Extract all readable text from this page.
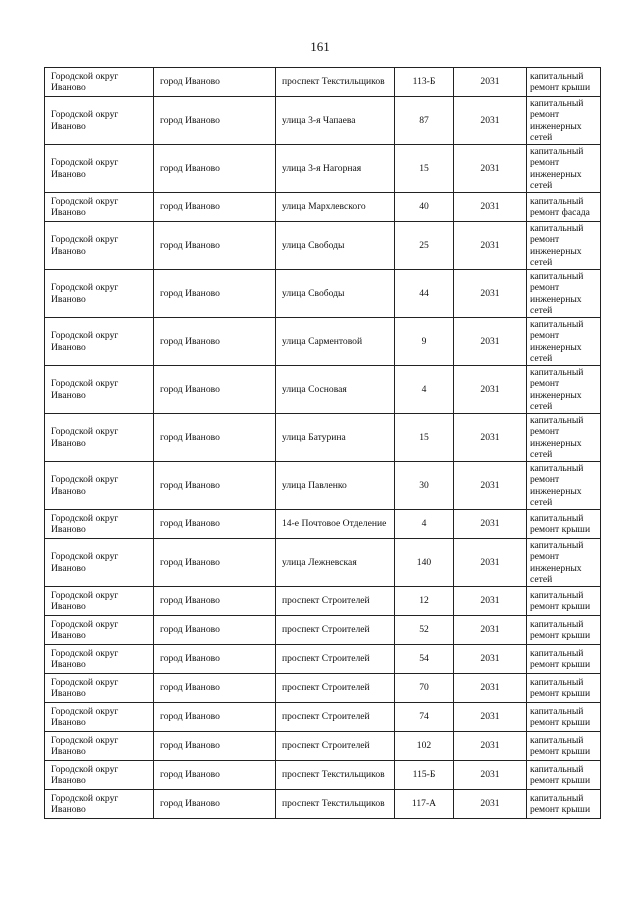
161
Городской округ Иваново	город Иваново	проспект Текстильщиков	113-Б	2031	капитальный ремонт крыши
Городской округ Иваново	город Иваново	улица 3-я Чапаева	87	2031	капитальный ремонт инженерных сетей
Городской округ Иваново	город Иваново	улица 3-я Нагорная	15	2031	капитальный ремонт инженерных сетей
Городской округ Иваново	город Иваново	улица Мархлевского	40	2031	капитальный ремонт фасада
Городской округ Иваново	город Иваново	улица Свободы	25	2031	капитальный ремонт инженерных сетей
Городской округ Иваново	город Иваново	улица Свободы	44	2031	капитальный ремонт инженерных сетей
Городской округ Иваново	город Иваново	улица Сарментовой	9	2031	капитальный ремонт инженерных сетей
Городской округ Иваново	город Иваново	улица Сосновая	4	2031	капитальный ремонт инженерных сетей
Городской округ Иваново	город Иваново	улица Батурина	15	2031	капитальный ремонт инженерных сетей
Городской округ Иваново	город Иваново	улица Павленко	30	2031	капитальный ремонт инженерных сетей
Городской округ Иваново	город Иваново	14-е Почтовое Отделение	4	2031	капитальный ремонт крыши
Городской округ Иваново	город Иваново	улица Лежневская	140	2031	капитальный ремонт инженерных сетей
Городской округ Иваново	город Иваново	проспект Строителей	12	2031	капитальный ремонт крыши
Городской округ Иваново	город Иваново	проспект Строителей	52	2031	капитальный ремонт крыши
Городской округ Иваново	город Иваново	проспект Строителей	54	2031	капитальный ремонт крыши
Городской округ Иваново	город Иваново	проспект Строителей	70	2031	капитальный ремонт крыши
Городской округ Иваново	город Иваново	проспект Строителей	74	2031	капитальный ремонт крыши
Городской округ Иваново	город Иваново	проспект Строителей	102	2031	капитальный ремонт крыши
Городской округ Иваново	город Иваново	проспект Текстильщиков	115-Б	2031	капитальный ремонт крыши
Городской округ Иваново	город Иваново	проспект Текстильщиков	117-А	2031	капитальный ремонт крыши
